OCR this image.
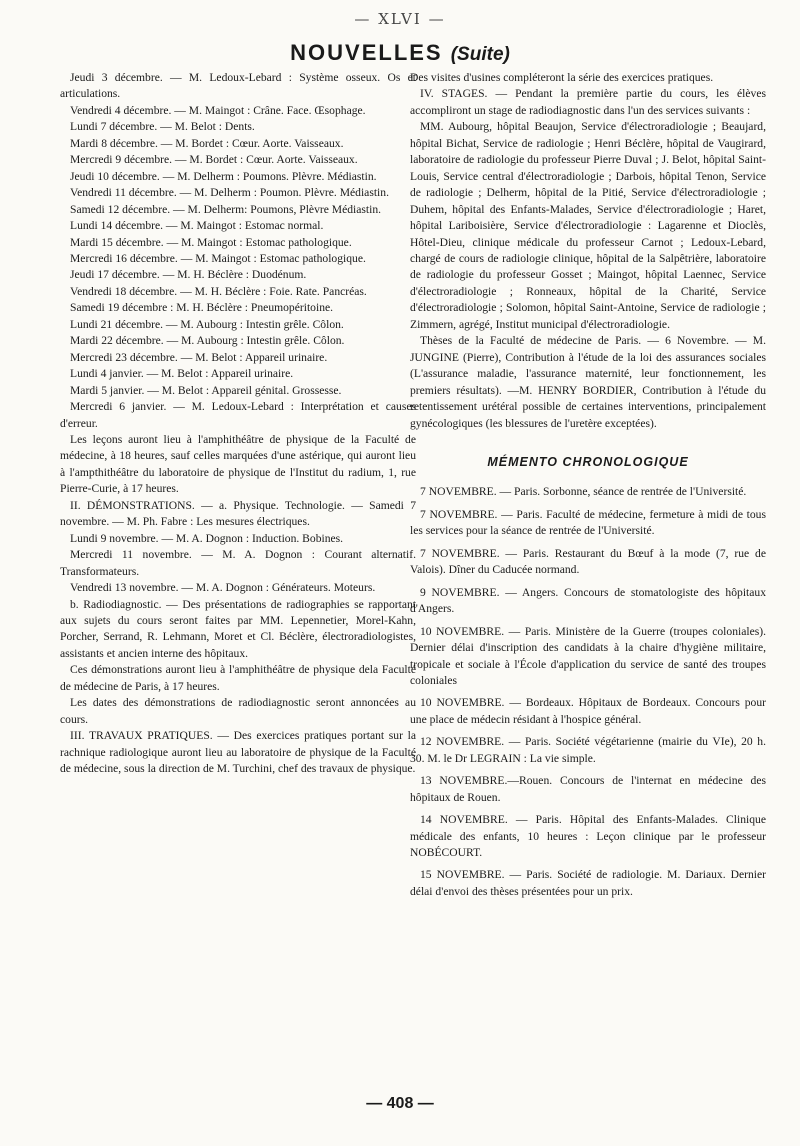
— XLVI —
NOUVELLES (Suite)

Jeudi 3 décembre. — M. Ledoux-Lebard : Système osseux. Os et articulations.

Vendredi 4 décembre. — M. Maingot : Crâne. Face. Œsophage.

Lundi 7 décembre. — M. Belot : Dents.

Mardi 8 décembre. — M. Bordet : Cœur. Aorte. Vaisseaux.

Mercredi 9 décembre. — M. Bordet : Cœur. Aorte. Vaisseaux.

Jeudi 10 décembre. — M. Delherm : Poumons. Plèvre. Médiastin.

Vendredi 11 décembre. — M. Delherm : Poumon. Plèvre. Médiastin.

Samedi 12 décembre. — M. Delherm: Poumons, Plèvre Médiastin.

Lundi 14 décembre. — M. Maingot : Estomac normal.

Mardi 15 décembre. — M. Maingot : Estomac pathologique.

Mercredi 16 décembre. — M. Maingot : Estomac pathologique.

Jeudi 17 décembre. — M. H. Béclère : Duodénum.

Vendredi 18 décembre. — M. H. Béclère : Foie. Rate. Pancréas.

Samedi 19 décembre : M. H. Béclère : Pneumopéritoine.

Lundi 21 décembre. — M. Aubourg : Intestin grêle. Côlon.

Mardi 22 décembre. — M. Aubourg : Intestin grêle. Côlon.

Mercredi 23 décembre. — M. Belot : Appareil urinaire.

Lundi 4 janvier. — M. Belot : Appareil urinaire.

Mardi 5 janvier. — M. Belot : Appareil génital. Grossesse.

Mercredi 6 janvier. — M. Ledoux-Lebard : Interprétation et causes d'erreur.

Les leçons auront lieu à l'amphithéâtre de physique de la Faculté de médecine, à 18 heures, sauf celles marquées d'une astérique, qui auront lieu à l'ampthithéâtre du laboratoire de physique de l'Institut du radium, 1, rue Pierre-Curie, à 17 heures.

II. DÉMONSTRATIONS. — a. Physique. Technologie. — Samedi 7 novembre. — M. Ph. Fabre : Les mesures électriques.

Lundi 9 novembre. — M. A. Dognon : Induction. Bobines.

Mercredi 11 novembre. — M. A. Dognon : Courant alternatif. Transformateurs.

Vendredi 13 novembre. — M. A. Dognon : Générateurs. Moteurs.

b. Radiodiagnostic. — Des présentations de radiographies se rapportant aux sujets du cours seront faites par MM. Lepennetier, Morel-Kahn, Porcher, Serrand, R. Lehmann, Moret et Cl. Béclère, électroradiologistes, assistants et ancien interne des hôpitaux.

Ces démonstrations auront lieu à l'amphithéâtre de physique dela Faculté de médecine de Paris, à 17 heures.

Les dates des démonstrations de radiodiagnostic seront annoncées au cours.

III. TRAVAUX PRATIQUES. — Des exercices pratiques portant sur la rachnique radiologique auront lieu au laboratoire de physique de la Faculté de médecine, sous la direction de M. Turchini, chef des travaux de physique.

Des visites d'usines compléteront la série des exercices pratiques.

IV. STAGES. — Pendant la première partie du cours, les élèves accompliront un stage de radiodiagnostic dans l'un des services suivants :

MM. Aubourg, hôpital Beaujon, Service d'électroradiologie ; Beaujard, hôpital Bichat, Service de radiologie ; Henri Béclère, hôpital de Vaugirard, laboratoire de radiologie du professeur Pierre Duval ; J. Belot, hôpital Saint-Louis, Service central d'électroradiologie ; Darbois, hôpital Tenon, Service de radiologie ; Delherm, hôpital de la Pitié, Service d'électroradiologie ; Duhem, hôpital des Enfants-Malades, Service d'électroradiologie ; Haret, hôpital Lariboisière, Service d'électroradiologie : Lagarenne et Dioclès, Hôtel-Dieu, clinique médicale du professeur Carnot ; Ledoux-Lebard, chargé de cours de radiologie clinique, hôpital de la Salpêtrière, laboratoire de radiologie du professeur Gosset ; Maingot, hôpital Laennec, Service d'électroradiologie ; Ronneaux, hôpital de la Charité, Service d'électroradiologie ; Solomon, hôpital Saint-Antoine, Service de radiologie ; Zimmern, agrégé, Institut municipal d'électroradiologie.

Thèses de la Faculté de médecine de Paris. — 6 Novembre. — M. JUNGINE (Pierre), Contribution à l'étude de la loi des assurances sociales (L'assurance maladie, l'assurance maternité, leur fonctionnement, les premiers résultats). —M. HENRY BORDIER, Contribution à l'étude du retentissement urétéral possible de certaines interventions, principalement gynécologiques (les blessures de l'uretère exceptées).

MÉMENTO CHRONOLOGIQUE

7 NOVEMBRE. — Paris. Sorbonne, séance de rentrée de l'Université.

7 NOVEMBRE. — Paris. Faculté de médecine, fermeture à midi de tous les services pour la séance de rentrée de l'Université.

7 NOVEMBRE. — Paris. Restaurant du Bœuf à la mode (7, rue de Valois). Dîner du Caducée normand.

9 NOVEMBRE. — Angers. Concours de stomatologiste des hôpitaux d'Angers.

10 NOVEMBRE. — Paris. Ministère de la Guerre (troupes coloniales). Dernier délai d'inscription des candidats à la chaire d'hygiène militaire, tropicale et sociale à l'École d'application du service de santé des troupes coloniales

10 NOVEMBRE. — Bordeaux. Hôpitaux de Bordeaux. Concours pour une place de médecin résidant à l'hospice général.

12 NOVEMBRE. — Paris. Société végétarienne (mairie du VIe), 20 h. 30. M. le Dr LEGRAIN : La vie simple.

13 NOVEMBRE.—Rouen. Concours de l'internat en médecine des hôpitaux de Rouen.

14 NOVEMBRE. — Paris. Hôpital des Enfants-Malades. Clinique médicale des enfants, 10 heures : Leçon clinique par le professeur NOBÉCOURT.

15 NOVEMBRE. — Paris. Société de radiologie. M. Dariaux. Dernier délai d'envoi des thèses présentées pour un prix.

— 408 —
